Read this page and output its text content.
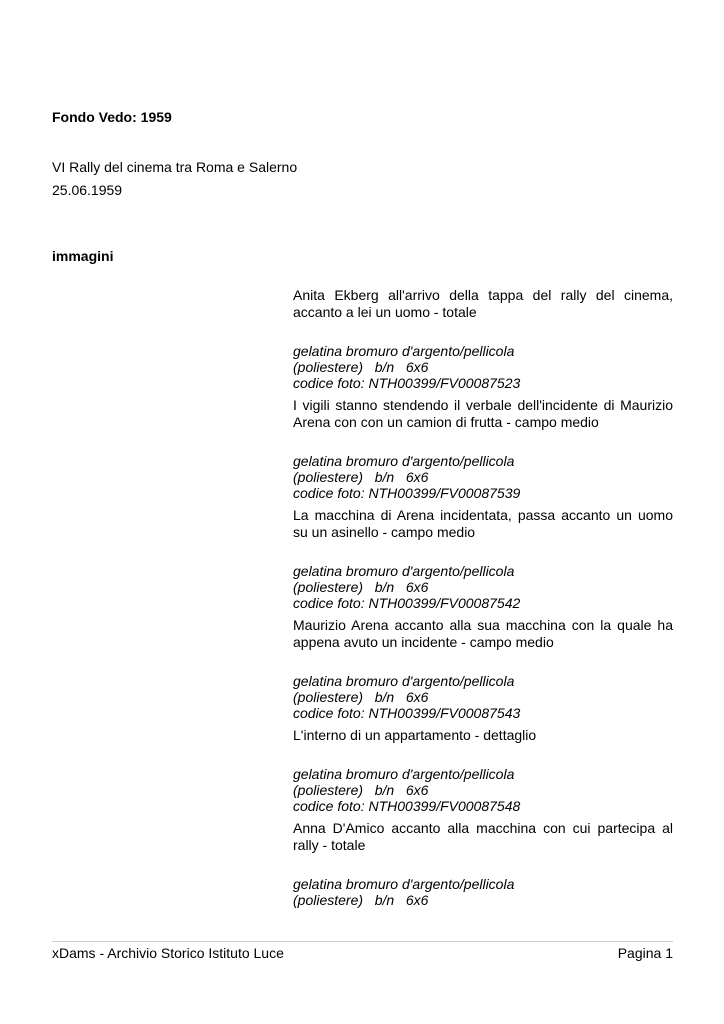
Fondo Vedo: 1959

VI Rally del cinema tra Roma e Salerno

25.06.1959

immagini

Anita Ekberg all'arrivo della tappa del rally del cinema, accanto a lei un uomo - totale

gelatina bromuro d'argento/pellicola
(poliestere)   b/n   6x6
codice foto: NTH00399/FV00087523

I vigili stanno stendendo il verbale dell'incidente di Maurizio Arena con con un camion di frutta - campo medio

gelatina bromuro d'argento/pellicola
(poliestere)   b/n   6x6
codice foto: NTH00399/FV00087539

La macchina di Arena incidentata, passa accanto un uomo su un asinello - campo medio

gelatina bromuro d'argento/pellicola
(poliestere)   b/n   6x6
codice foto: NTH00399/FV00087542

Maurizio Arena accanto alla sua macchina con la quale ha appena avuto un incidente - campo medio

gelatina bromuro d'argento/pellicola
(poliestere)   b/n   6x6
codice foto: NTH00399/FV00087543

L'interno di un appartamento - dettaglio

gelatina bromuro d'argento/pellicola
(poliestere)   b/n   6x6
codice foto: NTH00399/FV00087548

Anna D'Amico accanto alla macchina con cui partecipa al rally - totale

gelatina bromuro d'argento/pellicola
(poliestere)   b/n   6x6

xDams - Archivio Storico Istituto Luce	Pagina 1
